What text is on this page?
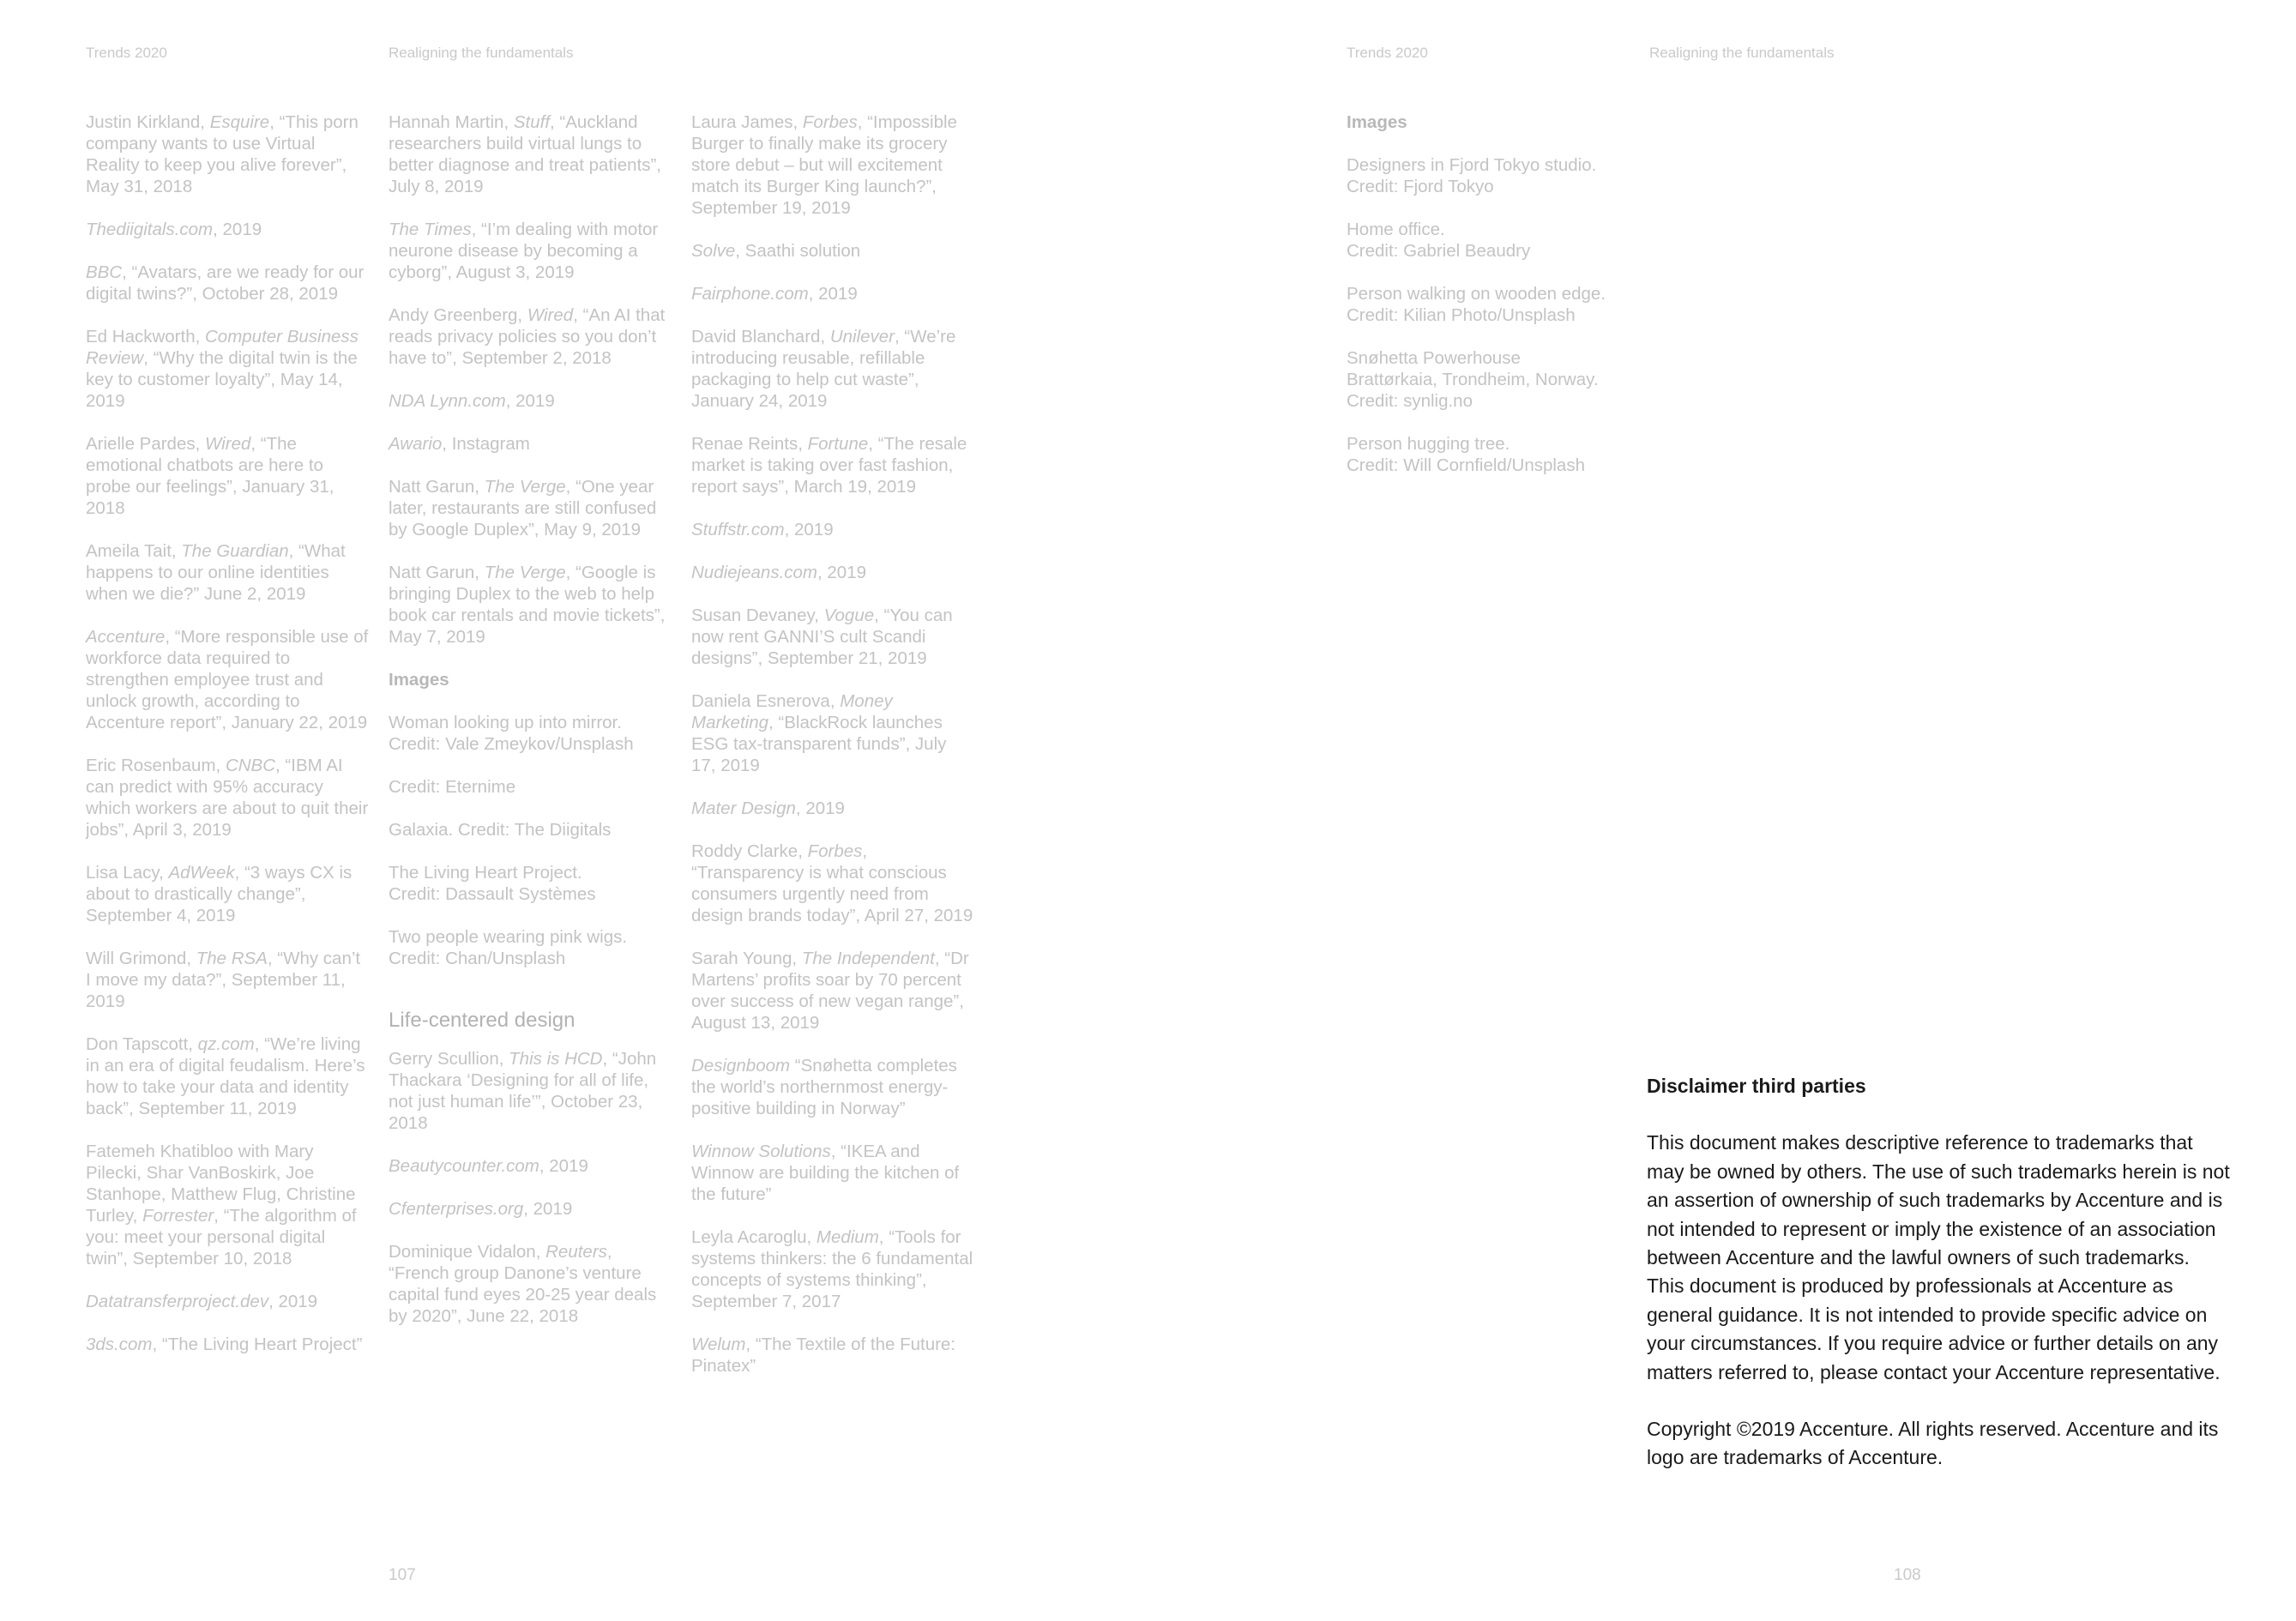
Trends 2020	Realigning the fundamentals	Trends 2020	Realigning the fundamentals
Justin Kirkland, Esquire, “This porn company wants to use Virtual Reality to keep you alive forever”, May 31, 2018
Thediigitals.com, 2019
BBC, “Avatars, are we ready for our digital twins?”, October 28, 2019
Ed Hackworth, Computer Business Review, “Why the digital twin is the key to customer loyalty”, May 14, 2019
Arielle Pardes, Wired, “The emotional chatbots are here to probe our feelings”, January 31, 2018
Ameila Tait, The Guardian, “What happens to our online identities when we die?” June 2, 2019
Accenture, “More responsible use of workforce data required to strengthen employee trust and unlock growth, according to Accenture report”, January 22, 2019
Eric Rosenbaum, CNBC, “IBM AI can predict with 95% accuracy which workers are about to quit their jobs”, April 3, 2019
Lisa Lacy, AdWeek, “3 ways CX is about to drastically change”, September 4, 2019
Will Grimond, The RSA, “Why can’t I move my data?”, September 11, 2019
Don Tapscott, qz.com, “We’re living in an era of digital feudalism. Here’s how to take your data and identity back”, September 11, 2019
Fatemeh Khatibloo with Mary Pilecki, Shar VanBoskirk, Joe Stanhope, Matthew Flug, Christine Turley, Forrester, “The algorithm of you: meet your personal digital twin”, September 10, 2018
Datatransferproject.dev, 2019
3ds.com, “The Living Heart Project”
Hannah Martin, Stuff, “Auckland researchers build virtual lungs to better diagnose and treat patients”, July 8, 2019
The Times, “I’m dealing with motor neurone disease by becoming a cyborg”, August 3, 2019
Andy Greenberg, Wired, “An AI that reads privacy policies so you don’t have to”, September 2, 2018
NDA Lynn.com, 2019
Awario, Instagram
Natt Garun, The Verge, “One year later, restaurants are still confused by Google Duplex”, May 9, 2019
Natt Garun, The Verge, “Google is bringing Duplex to the web to help book car rentals and movie tickets”, May 7, 2019
Images
Woman looking up into mirror.
Credit: Vale Zmeykov/Unsplash
Credit: Eternime
Galaxia. Credit: The Diigitals
The Living Heart Project.
Credit: Dassault Systèmes
Two people wearing pink wigs.
Credit: Chan/Unsplash
Life-centered design
Gerry Scullion, This is HCD, “John Thackara ‘Designing for all of life, not just human life’”, October 23, 2018
Beautycounter.com, 2019
Cfenterprises.org, 2019
Dominique Vidalon, Reuters, “French group Danone’s venture capital fund eyes 20-25 year deals by 2020”, June 22, 2018
Laura James, Forbes, “Impossible Burger to finally make its grocery store debut – but will excitement match its Burger King launch?”, September 19, 2019
Solve, Saathi solution
Fairphone.com, 2019
David Blanchard, Unilever, “We’re introducing reusable, refillable packaging to help cut waste”, January 24, 2019
Renae Reints, Fortune, “The resale market is taking over fast fashion, report says”, March 19, 2019
Stuffstr.com, 2019
Nudiejeans.com, 2019
Susan Devaney, Vogue, “You can now rent GANNI’S cult Scandi designs”, September 21, 2019
Daniela Esnerova, Money Marketing, “BlackRock launches ESG tax-transparent funds”, July 17, 2019
Mater Design, 2019
Roddy Clarke, Forbes, “Transparency is what conscious consumers urgently need from design brands today”, April 27, 2019
Sarah Young, The Independent, “Dr Martens’ profits soar by 70 percent over success of new vegan range”, August 13, 2019
Designboom “Snøhetta completes the world’s northernmost energy-positive building in Norway”
Winnow Solutions, “IKEA and Winnow are building the kitchen of the future”
Leyla Acaroglu, Medium, “Tools for systems thinkers: the 6 fundamental concepts of systems thinking”, September 7, 2017
Welum, “The Textile of the Future: Pinatex”
Images
Designers in Fjord Tokyo studio.
Credit: Fjord Tokyo
Home office.
Credit: Gabriel Beaudry
Person walking on wooden edge.
Credit: Kilian Photo/Unsplash
Snøhetta Powerhouse
Brattørkaia, Trondheim, Norway.
Credit: synlig.no
Person hugging tree.
Credit: Will Cornfield/Unsplash
Disclaimer third parties

This document makes descriptive reference to trademarks that may be owned by others. The use of such trademarks herein is not an assertion of ownership of such trademarks by Accenture and is not intended to represent or imply the existence of an association between Accenture and the lawful owners of such trademarks. This document is produced by professionals at Accenture as general guidance. It is not intended to provide specific advice on your circumstances. If you require advice or further details on any matters referred to, please contact your Accenture representative.

Copyright ©2019 Accenture. All rights reserved. Accenture and its logo are trademarks of Accenture.

107	108
